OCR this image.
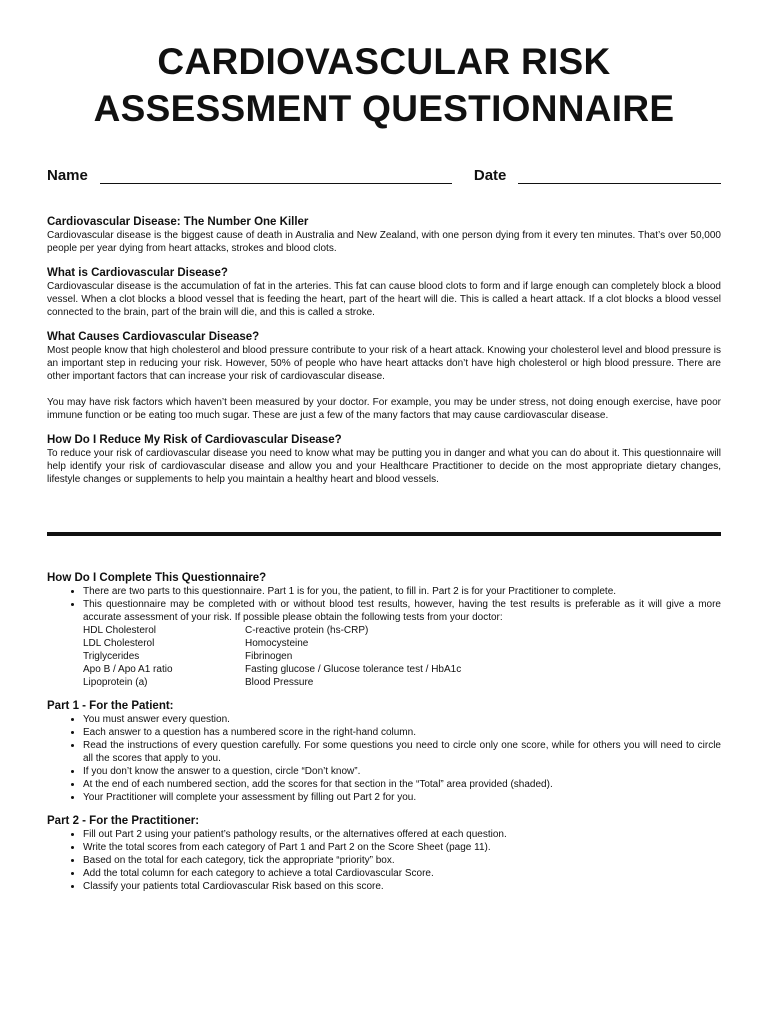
CARDIOVASCULAR RISK
ASSESSMENT QUESTIONNAIRE
Name	Date
Cardiovascular Disease: The Number One Killer

Cardiovascular disease is the biggest cause of death in Australia and New Zealand, with one person dying from it every ten minutes. That’s over 50,000 people per year dying from heart attacks, strokes and blood clots.

What is Cardiovascular Disease?

Cardiovascular disease is the accumulation of fat in the arteries. This fat can cause blood clots to form and if large enough can completely block a blood vessel. When a clot blocks a blood vessel that is feeding the heart, part of the heart will die. This is called a heart attack. If a clot blocks a blood vessel connected to the brain, part of the brain will die, and this is called a stroke.

What Causes Cardiovascular Disease?

Most people know that high cholesterol and blood pressure contribute to your risk of a heart attack. Knowing your cholesterol level and blood pressure is an important step in reducing your risk. However, 50% of people who have heart attacks don’t have high cholesterol or high blood pressure. There are other important factors that can increase your risk of cardiovascular disease.

You may have risk factors which haven’t been measured by your doctor. For example, you may be under stress, not doing enough exercise, have poor immune function or be eating too much sugar. These are just a few of the many factors that may cause cardiovascular disease.

How Do I Reduce My Risk of Cardiovascular Disease?

To reduce your risk of cardiovascular disease you need to know what may be putting you in danger and what you can do about it. This questionnaire will help identify your risk of cardiovascular disease and allow you and your Healthcare Practitioner to decide on the most appropriate dietary changes, lifestyle changes or supplements to help you maintain a healthy heart and blood vessels.

How Do I Complete This Questionnaire?
• There are two parts to this questionnaire. Part 1 is for you, the patient, to fill in. Part 2 is for your Practitioner to complete.
• This questionnaire may be completed with or without blood test results, however, having the test results is preferable as it will give a more accurate assessment of your risk. If possible please obtain the following tests from your doctor:
HDL Cholesterol	C-reactive protein (hs-CRP)
LDL Cholesterol	Homocysteine
Triglycerides	Fibrinogen
Apo B / Apo A1 ratio	Fasting glucose / Glucose tolerance test / HbA1c
Lipoprotein (a)	Blood Pressure
Part 1 - For the Patient:
• You must answer every question.
• Each answer to a question has a numbered score in the right-hand column.
• Read the instructions of every question carefully. For some questions you need to circle only one score, while for others you will need to circle all the scores that apply to you.
• If you don’t know the answer to a question, circle “Don’t know”.
• At the end of each numbered section, add the scores for that section in the “Total” area provided (shaded).
• Your Practitioner will complete your assessment by filling out Part 2 for you.
Part 2 - For the Practitioner:
• Fill out Part 2 using your patient’s pathology results, or the alternatives offered at each question.
• Write the total scores from each category of Part 1 and Part 2 on the Score Sheet (page 11).
• Based on the total for each category, tick the appropriate “priority” box.
• Add the total column for each category to achieve a total Cardiovascular Score.
• Classify your patients total Cardiovascular Risk based on this score.
